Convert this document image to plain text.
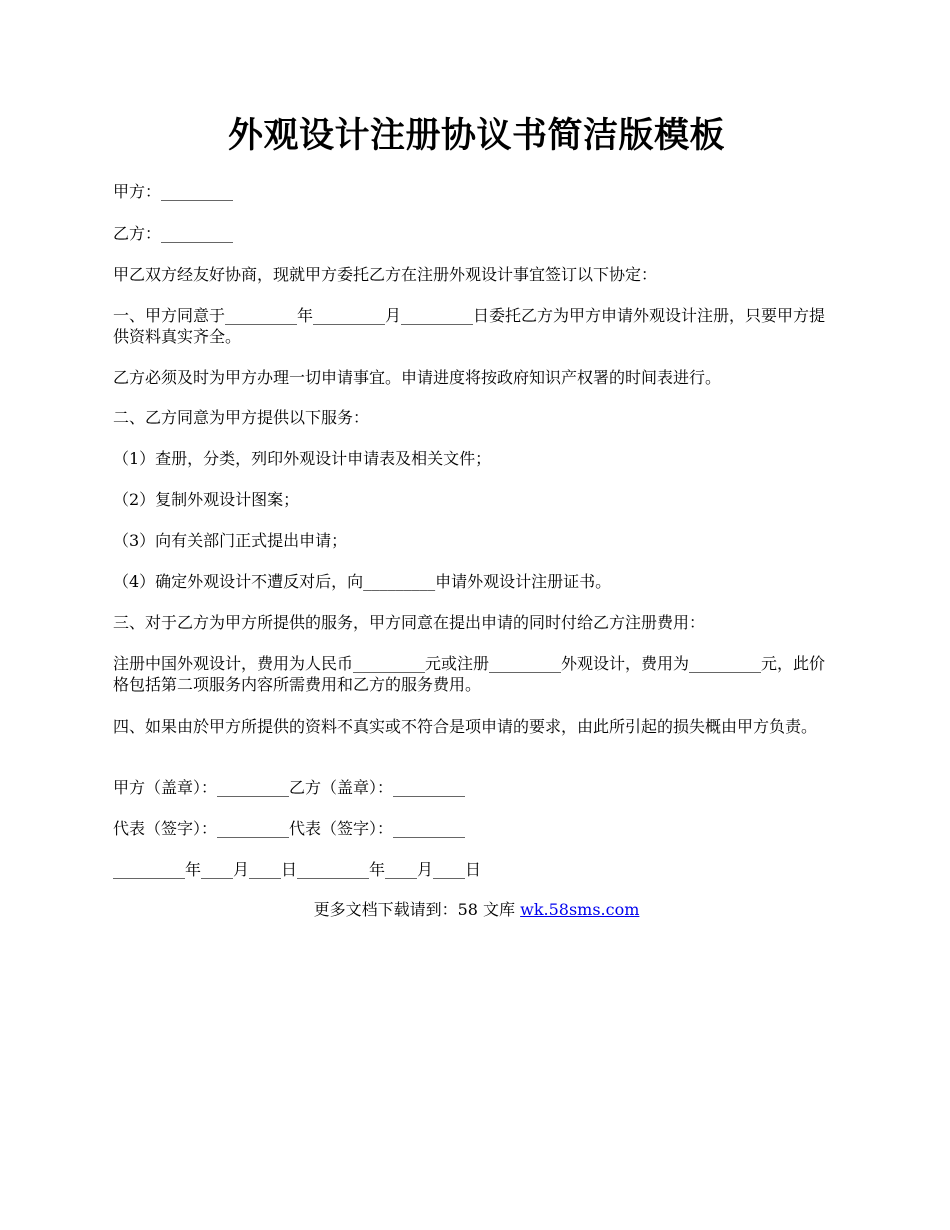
外观设计注册协议书简洁版模板
甲方：_________
乙方：_________
甲乙双方经友好协商，现就甲方委托乙方在注册外观设计事宜签订以下协定：
一、甲方同意于_________年_________月_________日委托乙方为甲方申请外观设计注册，只要甲方提供资料真实齐全。
乙方必须及时为甲方办理一切申请事宜。申请进度将按政府知识产权署的时间表进行。
二、乙方同意为甲方提供以下服务：
（1）查册，分类，列印外观设计申请表及相关文件；
（2）复制外观设计图案；
（3）向有关部门正式提出申请；
（4）确定外观设计不遭反对后，向_________申请外观设计注册证书。
三、对于乙方为甲方所提供的服务，甲方同意在提出申请的同时付给乙方注册费用：
注册中国外观设计，费用为人民币_________元或注册_________外观设计，费用为_________元，此价格包括第二项服务内容所需费用和乙方的服务费用。
四、如果由於甲方所提供的资料不真实或不符合是项申请的要求，由此所引起的损失概由甲方负责。
甲方（盖章）：_________乙方（盖章）：_________
代表（签字）：_________代表（签字）：_________
_________年____月____日_________年____月____日
更多文档下载请到：58 文库 wk.58sms.com
